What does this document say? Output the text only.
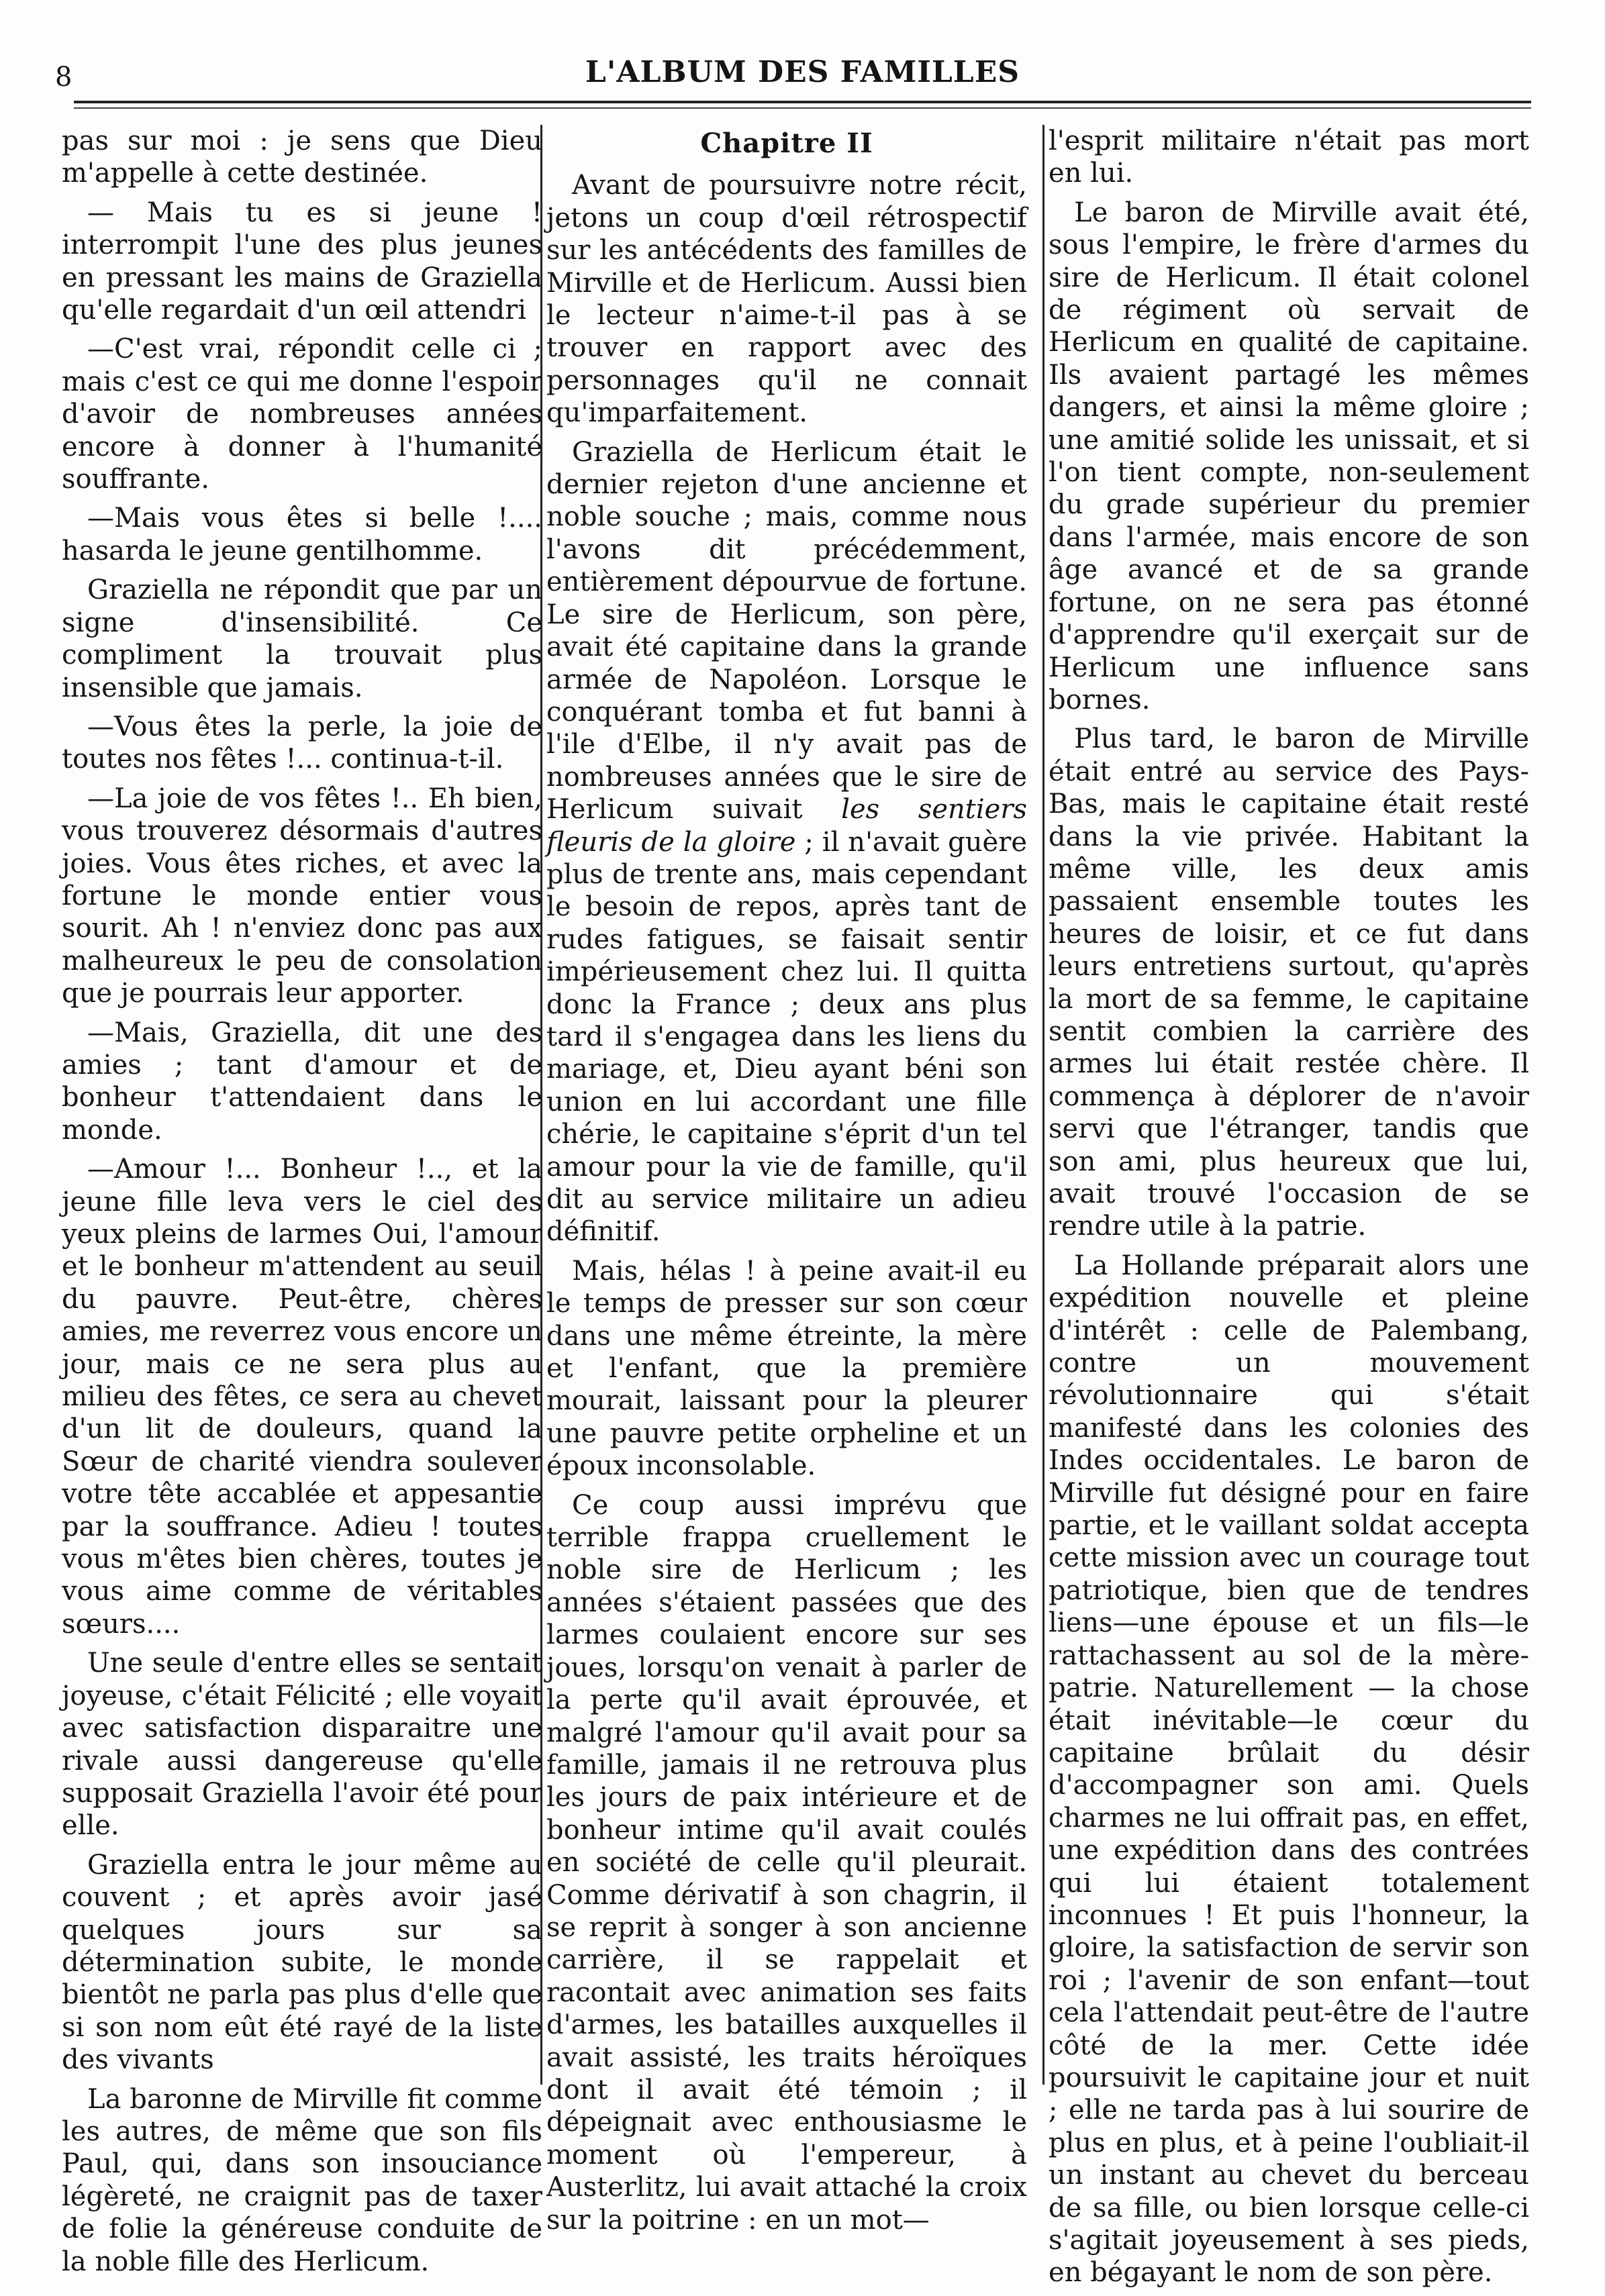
8	L'ALBUM DES FAMILLES

pas sur moi : je sens que Dieu m'appelle à cette destinée.

— Mais tu es si jeune ! interrompit l'une des plus jeunes en pressant les mains de Graziella qu'elle regardait d'un œil attendri

—C'est vrai, répondit celle ci ; mais c'est ce qui me donne l'espoir d'avoir de nombreuses années encore à donner à l'humanité souffrante.

—Mais vous êtes si belle !.... hasarda le jeune gentilhomme.

Graziella ne répondit que par un signe d'insensibilité. Ce compliment la trouvait plus insensible que jamais.

—Vous êtes la perle, la joie de toutes nos fêtes !... continua-t-il.

—La joie de vos fêtes !.. Eh bien, vous trouverez désormais d'autres joies. Vous êtes riches, et avec la fortune le monde entier vous sourit. Ah ! n'enviez donc pas aux malheureux le peu de consolation que je pourrais leur apporter.

—Mais, Graziella, dit une des amies ; tant d'amour et de bonheur t'attendaient dans le monde.

—Amour !... Bonheur !.., et la jeune fille leva vers le ciel des yeux pleins de larmes Oui, l'amour et le bonheur m'attendent au seuil du pauvre. Peut-être, chères amies, me reverrez vous encore un jour, mais ce ne sera plus au milieu des fêtes, ce sera au chevet d'un lit de douleurs, quand la Sœur de charité viendra soulever votre tête accablée et appesantie par la souffrance. Adieu ! toutes vous m'êtes bien chères, toutes je vous aime comme de véritables sœurs....

Une seule d'entre elles se sentait joyeuse, c'était Félicité ; elle voyait avec satisfaction disparaitre une rivale aussi dangereuse qu'elle supposait Graziella l'avoir été pour elle.

Graziella entra le jour même au couvent ; et après avoir jasé quelques jours sur sa détermination subite, le monde bientôt ne parla pas plus d'elle que si son nom eût été rayé de la liste des vivants

La baronne de Mirville fit comme les autres, de même que son fils Paul, qui, dans son insouciance légèreté, ne craignit pas de taxer de folie la généreuse conduite de la noble fille des Herlicum.

Chapitre II

Avant de poursuivre notre récit, jetons un coup d'œil rétrospectif sur les antécédents des familles de Mirville et de Herlicum. Aussi bien le lecteur n'aime-t-il pas à se trouver en rapport avec des personnages qu'il ne connait qu'imparfaitement.

Graziella de Herlicum était le dernier rejeton d'une ancienne et noble souche ; mais, comme nous l'avons dit précédemment, entièrement dépourvue de fortune. Le sire de Herlicum, son père, avait été capitaine dans la grande armée de Napoléon. Lorsque le conquérant tomba et fut banni à l'ile d'Elbe, il n'y avait pas de nombreuses années que le sire de Herlicum suivait les sentiers fleuris de la gloire ; il n'avait guère plus de trente ans, mais cependant le besoin de repos, après tant de rudes fatigues, se faisait sentir impérieusement chez lui. Il quitta donc la France ; deux ans plus tard il s'engagea dans les liens du mariage, et, Dieu ayant béni son union en lui accordant une fille chérie, le capitaine s'éprit d'un tel amour pour la vie de famille, qu'il dit au service militaire un adieu définitif.

Mais, hélas ! à peine avait-il eu le temps de presser sur son cœur dans une même étreinte, la mère et l'enfant, que la première mourait, laissant pour la pleurer une pauvre petite orpheline et un époux inconsolable.

Ce coup aussi imprévu que terrible frappa cruellement le noble sire de Herlicum ; les années s'étaient passées que des larmes coulaient encore sur ses joues, lorsqu'on venait à parler de la perte qu'il avait éprouvée, et malgré l'amour qu'il avait pour sa famille, jamais il ne retrouva plus les jours de paix intérieure et de bonheur intime qu'il avait coulés en société de celle qu'il pleurait. Comme dérivatif à son chagrin, il se reprit à songer à son ancienne carrière, il se rappelait et racontait avec animation ses faits d'armes, les batailles auxquelles il avait assisté, les traits héroïques dont il avait été témoin ; il dépeignait avec enthousiasme le moment où l'empereur, à Austerlitz, lui avait attaché la croix sur la poitrine : en un mot—

l'esprit militaire n'était pas mort en lui.

Le baron de Mirville avait été, sous l'empire, le frère d'armes du sire de Herlicum. Il était colonel de régiment où servait de Herlicum en qualité de capitaine. Ils avaient partagé les mêmes dangers, et ainsi la même gloire ; une amitié solide les unissait, et si l'on tient compte, non-seulement du grade supérieur du premier dans l'armée, mais encore de son âge avancé et de sa grande fortune, on ne sera pas étonné d'apprendre qu'il exerçait sur de Herlicum une influence sans bornes.

Plus tard, le baron de Mirville était entré au service des Pays-Bas, mais le capitaine était resté dans la vie privée. Habitant la même ville, les deux amis passaient ensemble toutes les heures de loisir, et ce fut dans leurs entretiens surtout, qu'après la mort de sa femme, le capitaine sentit combien la carrière des armes lui était restée chère. Il commença à déplorer de n'avoir servi que l'étranger, tandis que son ami, plus heureux que lui, avait trouvé l'occasion de se rendre utile à la patrie.

La Hollande préparait alors une expédition nouvelle et pleine d'intérêt : celle de Palembang, contre un mouvement révolutionnaire qui s'était manifesté dans les colonies des Indes occidentales. Le baron de Mirville fut désigné pour en faire partie, et le vaillant soldat accepta cette mission avec un courage tout patriotique, bien que de tendres liens—une épouse et un fils—le rattachassent au sol de la mère-patrie. Naturellement — la chose était inévitable—le cœur du capitaine brûlait du désir d'accompagner son ami. Quels charmes ne lui offrait pas, en effet, une expédition dans des contrées qui lui étaient totalement inconnues ! Et puis l'honneur, la gloire, la satisfaction de servir son roi ; l'avenir de son enfant—tout cela l'attendait peut-être de l'autre côté de la mer. Cette idée poursuivit le capitaine jour et nuit ; elle ne tarda pas à lui sourire de plus en plus, et à peine l'oubliait-il un instant au chevet du berceau de sa fille, ou bien lorsque celle-ci s'agitait joyeusement à ses pieds, en bégayant le nom de son père.
